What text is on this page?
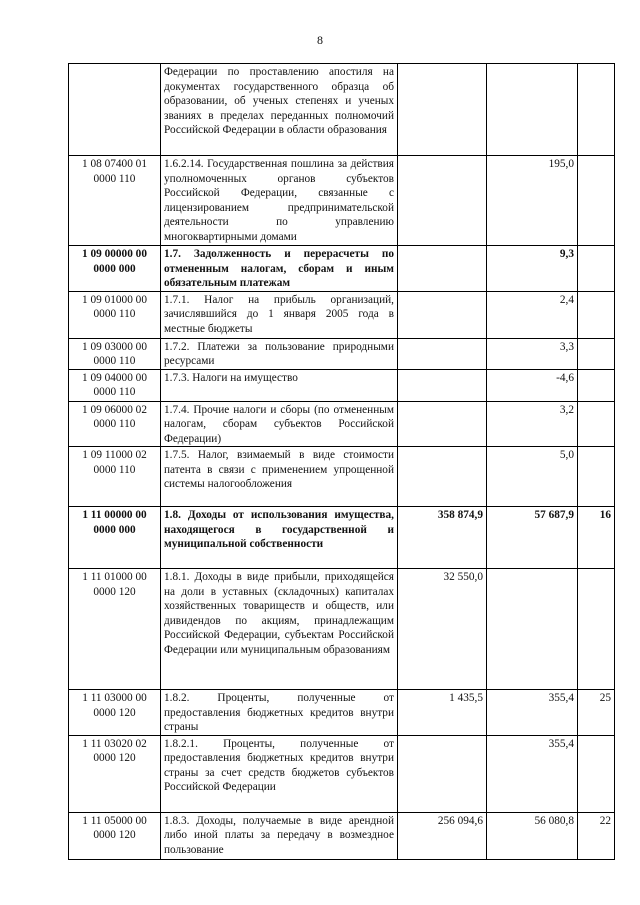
8
	Федерации по проставлению апостиля на документах государственного образца об образовании, об ученых степенях и ученых званиях в пределах переданных полномочий Российской Федерации в области образования			
1 08 07400 01 0000 110	1.6.2.14. Государственная пошлина за действия уполномоченных органов субъектов Российской Федерации, связанные с лицензированием предпринимательской деятельности по управлению многоквартирными домами		195,0	
1 09 00000 00 0000 000	1.7. Задолженность и перерасчеты по отмененным налогам, сборам и иным обязательным платежам		9,3	
1 09 01000 00 0000 110	1.7.1. Налог на прибыль организаций, зачислявшийся до 1 января 2005 года в местные бюджеты		2,4	
1 09 03000 00 0000 110	1.7.2. Платежи за пользование природными ресурсами		3,3	
1 09 04000 00 0000 110	1.7.3. Налоги на имущество		-4,6	
1 09 06000 02 0000 110	1.7.4. Прочие налоги и сборы (по отмененным налогам, сборам субъектов Российской Федерации)		3,2	
1 09 11000 02 0000 110	1.7.5. Налог, взимаемый в виде стоимости патента в связи с применением упрощенной системы налогообложения		5,0	
1 11 00000 00 0000 000	1.8. Доходы от использования имущества, находящегося в государственной и муниципальной собственности	358 874,9	57 687,9	16
1 11 01000 00 0000 120	1.8.1. Доходы в виде прибыли, приходящейся на доли в уставных (складочных) капиталах хозяйственных товариществ и обществ, или дивидендов по акциям, принадлежащим Российской Федерации, субъектам Российской Федерации или муниципальным образованиям	32 550,0		
1 11 03000 00 0000 120	1.8.2. Проценты, полученные от предоставления бюджетных кредитов внутри страны	1 435,5	355,4	25
1 11 03020 02 0000 120	1.8.2.1. Проценты, полученные от предоставления бюджетных кредитов внутри страны за счет средств бюджетов субъектов Российской Федерации		355,4	
1 11 05000 00 0000 120	1.8.3. Доходы, получаемые в виде арендной либо иной платы за передачу в возмездное пользование	256 094,6	56 080,8	22
